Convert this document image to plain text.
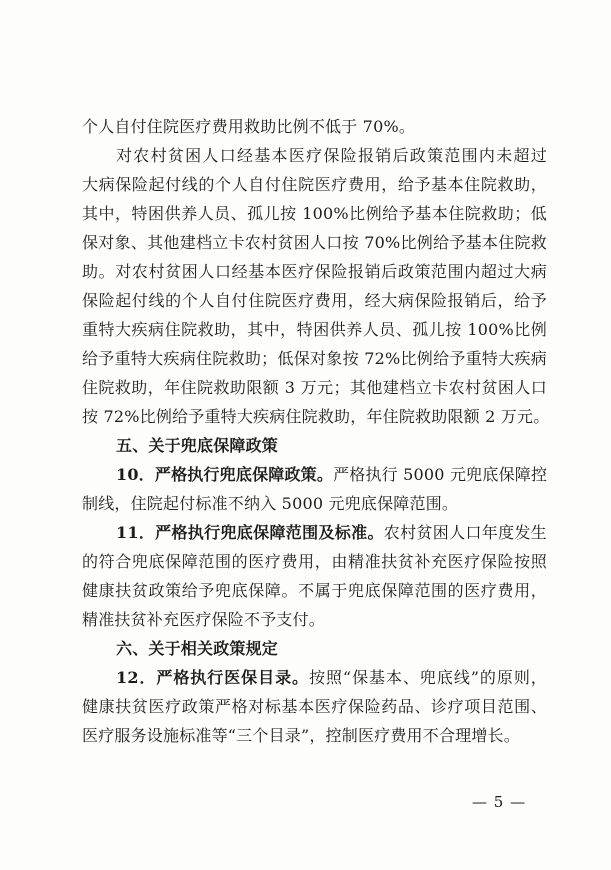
个人自付住院医疗费用救助比例不低于 70%。
对农村贫困人口经基本医疗保险报销后政策范围内未超过
大病保险起付线的个人自付住院医疗费用，给予基本住院救助，
其中，特困供养人员、孤儿按 100%比例给予基本住院救助；低
保对象、其他建档立卡农村贫困人口按 70%比例给予基本住院救
助。对农村贫困人口经基本医疗保险报销后政策范围内超过大病
保险起付线的个人自付住院医疗费用，经大病保险报销后，给予
重特大疾病住院救助，其中，特困供养人员、孤儿按 100%比例
给予重特大疾病住院救助；低保对象按 72%比例给予重特大疾病
住院救助，年住院救助限额 3 万元；其他建档立卡农村贫困人口
按 72%比例给予重特大疾病住院救助，年住院救助限额 2 万元。
五、关于兜底保障政策
10．严格执行兜底保障政策。严格执行 5000 元兜底保障控
制线，住院起付标准不纳入 5000 元兜底保障范围。
11．严格执行兜底保障范围及标准。农村贫困人口年度发生
的符合兜底保障范围的医疗费用，由精准扶贫补充医疗保险按照
健康扶贫政策给予兜底保障。不属于兜底保障范围的医疗费用，
精准扶贫补充医疗保险不予支付。
六、关于相关政策规定
12．严格执行医保目录。按照“保基本、兜底线”的原则，
健康扶贫医疗政策严格对标基本医疗保险药品、诊疗项目范围、
医疗服务设施标准等“三个目录”，控制医疗费用不合理增长。
— 5 —
